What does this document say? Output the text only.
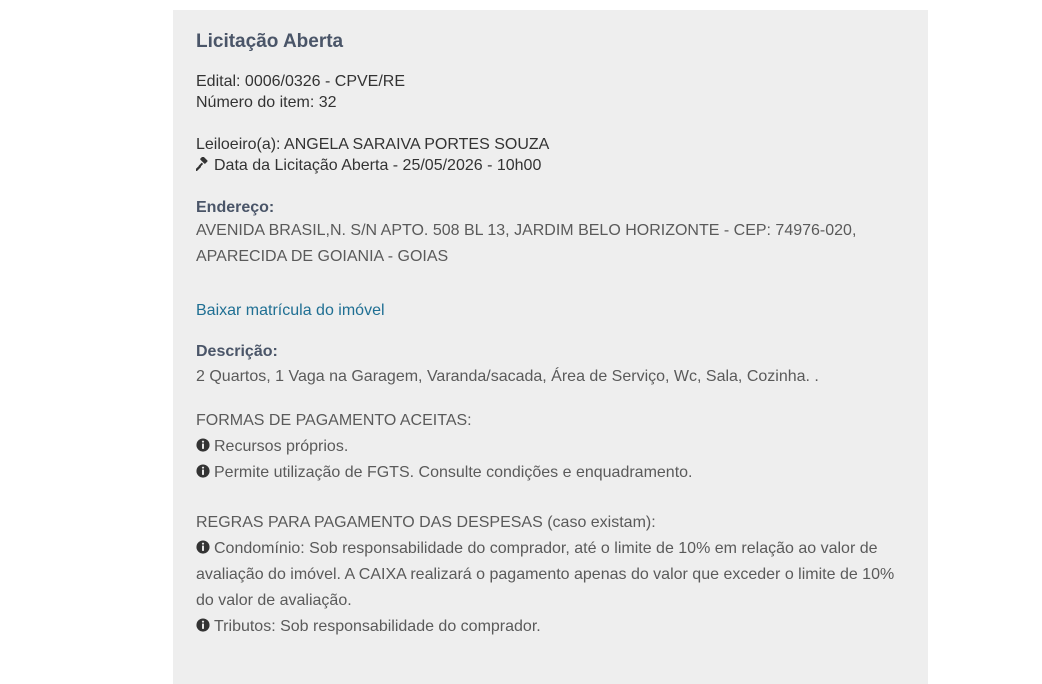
Licitação Aberta
Edital: 0006/0326 - CPVE/RE
Número do item: 32
Leiloeiro(a): ANGELA SARAIVA PORTES SOUZA
Data da Licitação Aberta - 25/05/2026 - 10h00
Endereço:
AVENIDA BRASIL,N. S/N APTO. 508 BL 13, JARDIM BELO HORIZONTE - CEP: 74976-020, APARECIDA DE GOIANIA - GOIAS
Baixar matrícula do imóvel
Descrição:
2 Quartos, 1 Vaga na Garagem, Varanda/sacada, Área de Serviço, Wc, Sala, Cozinha. .
FORMAS DE PAGAMENTO ACEITAS:
Recursos próprios.
Permite utilização de FGTS. Consulte condições e enquadramento.
REGRAS PARA PAGAMENTO DAS DESPESAS (caso existam):
Condomínio: Sob responsabilidade do comprador, até o limite de 10% em relação ao valor de avaliação do imóvel. A CAIXA realizará o pagamento apenas do valor que exceder o limite de 10% do valor de avaliação.
Tributos: Sob responsabilidade do comprador.
